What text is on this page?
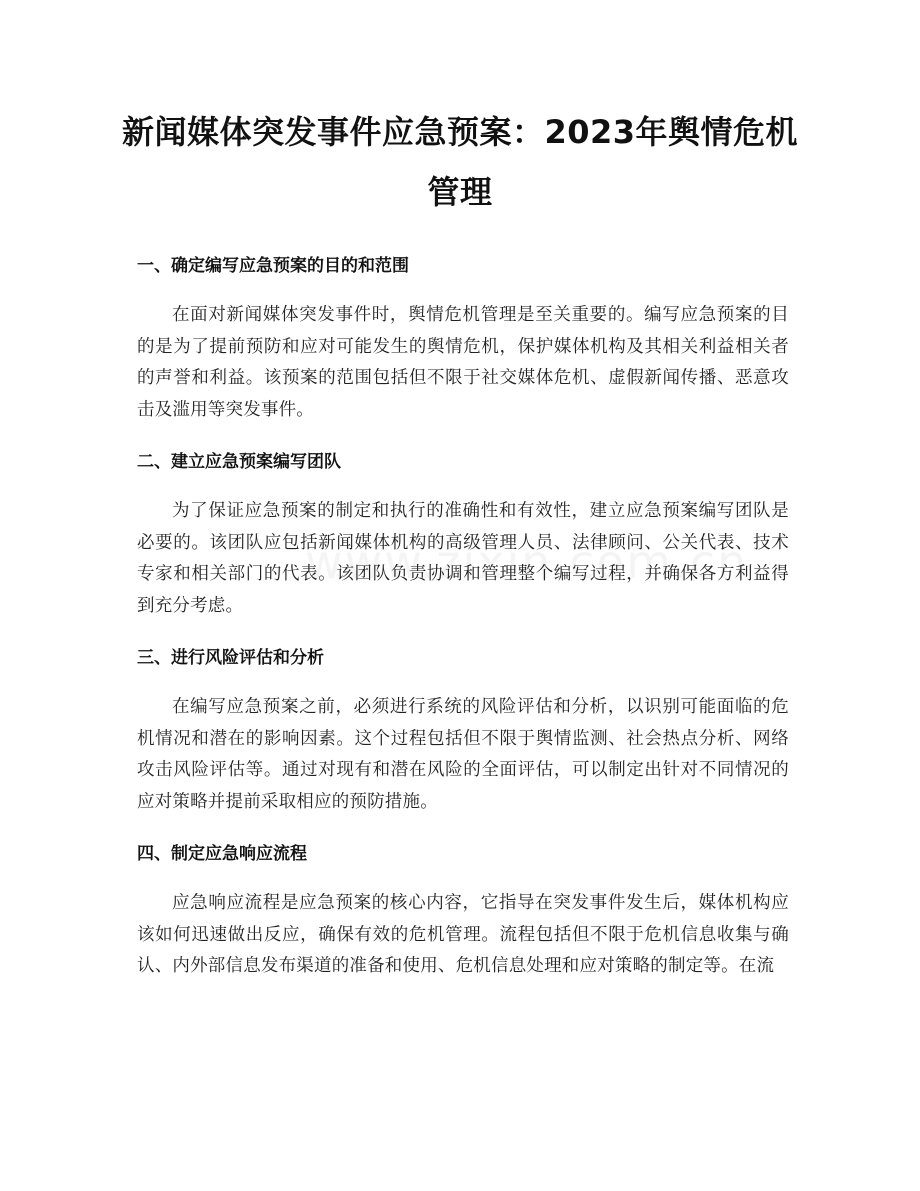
新闻媒体突发事件应急预案：2023年舆情危机管理
一、确定编写应急预案的目的和范围

在面对新闻媒体突发事件时，舆情危机管理是至关重要的。编写应急预案的目的是为了提前预防和应对可能发生的舆情危机，保护媒体机构及其相关利益相关者的声誉和利益。该预案的范围包括但不限于社交媒体危机、虚假新闻传播、恶意攻击及滥用等突发事件。

二、建立应急预案编写团队

为了保证应急预案的制定和执行的准确性和有效性，建立应急预案编写团队是必要的。该团队应包括新闻媒体机构的高级管理人员、法律顾问、公关代表、技术专家和相关部门的代表。该团队负责协调和管理整个编写过程，并确保各方利益得到充分考虑。

三、进行风险评估和分析

在编写应急预案之前，必须进行系统的风险评估和分析，以识别可能面临的危机情况和潜在的影响因素。这个过程包括但不限于舆情监测、社会热点分析、网络攻击风险评估等。通过对现有和潜在风险的全面评估，可以制定出针对不同情况的应对策略并提前采取相应的预防措施。

四、制定应急响应流程

应急响应流程是应急预案的核心内容，它指导在突发事件发生后，媒体机构应该如何迅速做出反应，确保有效的危机管理。流程包括但不限于危机信息收集与确认、内外部信息发布渠道的准备和使用、危机信息处理和应对策略的制定等。在流
